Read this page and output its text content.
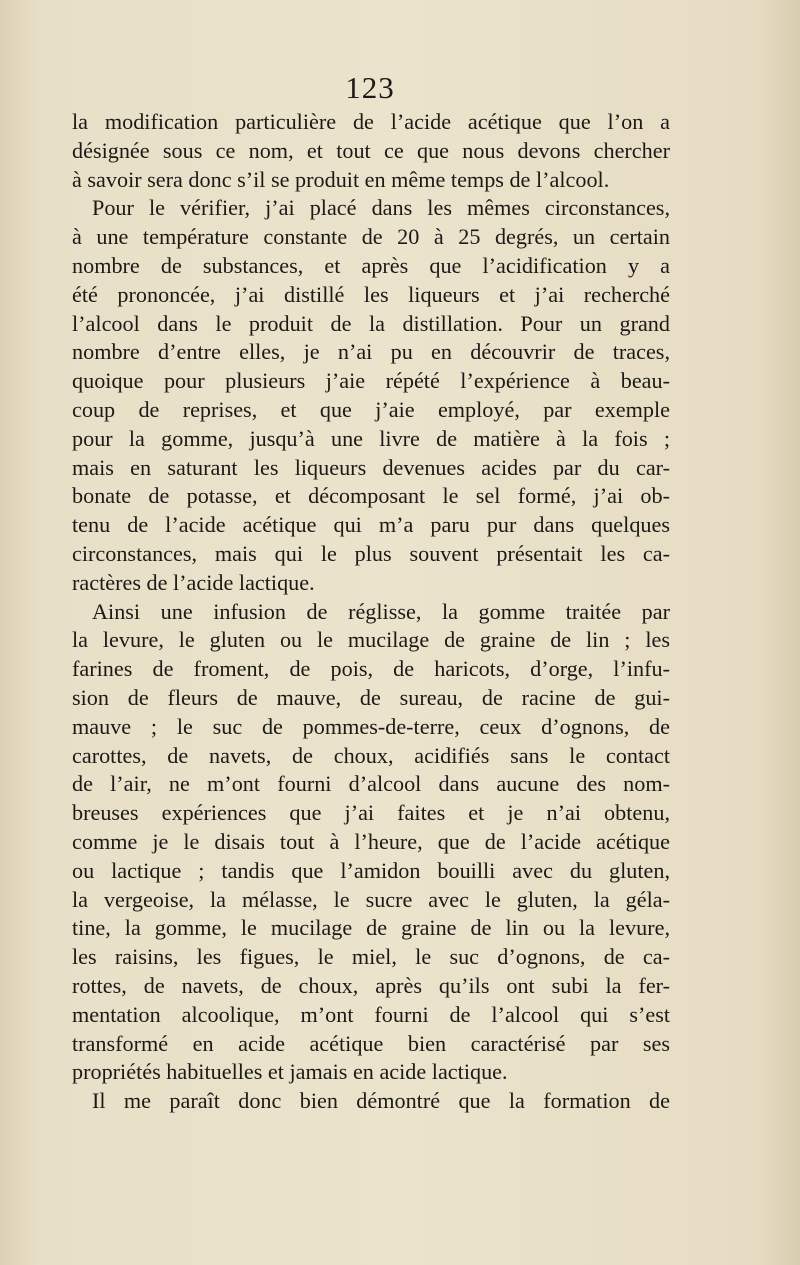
123
la modification particulière de l’acide acétique que l’on a
désignée sous ce nom, et tout ce que nous devons chercher
à savoir sera donc s’il se produit en même temps de l’alcool.
Pour le vérifier, j’ai placé dans les mêmes circonstances,
à une température constante de 20 à 25 degrés, un certain
nombre de substances, et après que l’acidification y a
été prononcée, j’ai distillé les liqueurs et j’ai recherché
l’alcool dans le produit de la distillation. Pour un grand
nombre d’entre elles, je n’ai pu en découvrir de traces,
quoique pour plusieurs j’aie répété l’expérience à beau-
coup de reprises, et que j’aie employé, par exemple
pour la gomme, jusqu’à une livre de matière à la fois ;
mais en saturant les liqueurs devenues acides par du car-
bonate de potasse, et décomposant le sel formé, j’ai ob-
tenu de l’acide acétique qui m’a paru pur dans quelques
circonstances, mais qui le plus souvent présentait les ca-
ractères de l’acide lactique.
Ainsi une infusion de réglisse, la gomme traitée par
la levure, le gluten ou le mucilage de graine de lin ; les
farines de froment, de pois, de haricots, d’orge, l’infu-
sion de fleurs de mauve, de sureau, de racine de gui-
mauve ; le suc de pommes-de-terre, ceux d’ognons, de
carottes, de navets, de choux, acidifiés sans le contact
de l’air, ne m’ont fourni d’alcool dans aucune des nom-
breuses expériences que j’ai faites et je n’ai obtenu,
comme je le disais tout à l’heure, que de l’acide acétique
ou lactique ; tandis que l’amidon bouilli avec du gluten,
la vergeoise, la mélasse, le sucre avec le gluten, la géla-
tine, la gomme, le mucilage de graine de lin ou la levure,
les raisins, les figues, le miel, le suc d’ognons, de ca-
rottes, de navets, de choux, après qu’ils ont subi la fer-
mentation alcoolique, m’ont fourni de l’alcool qui s’est
transformé en acide acétique bien caractérisé par ses
propriétés habituelles et jamais en acide lactique.
Il me paraît donc bien démontré que la formation de
